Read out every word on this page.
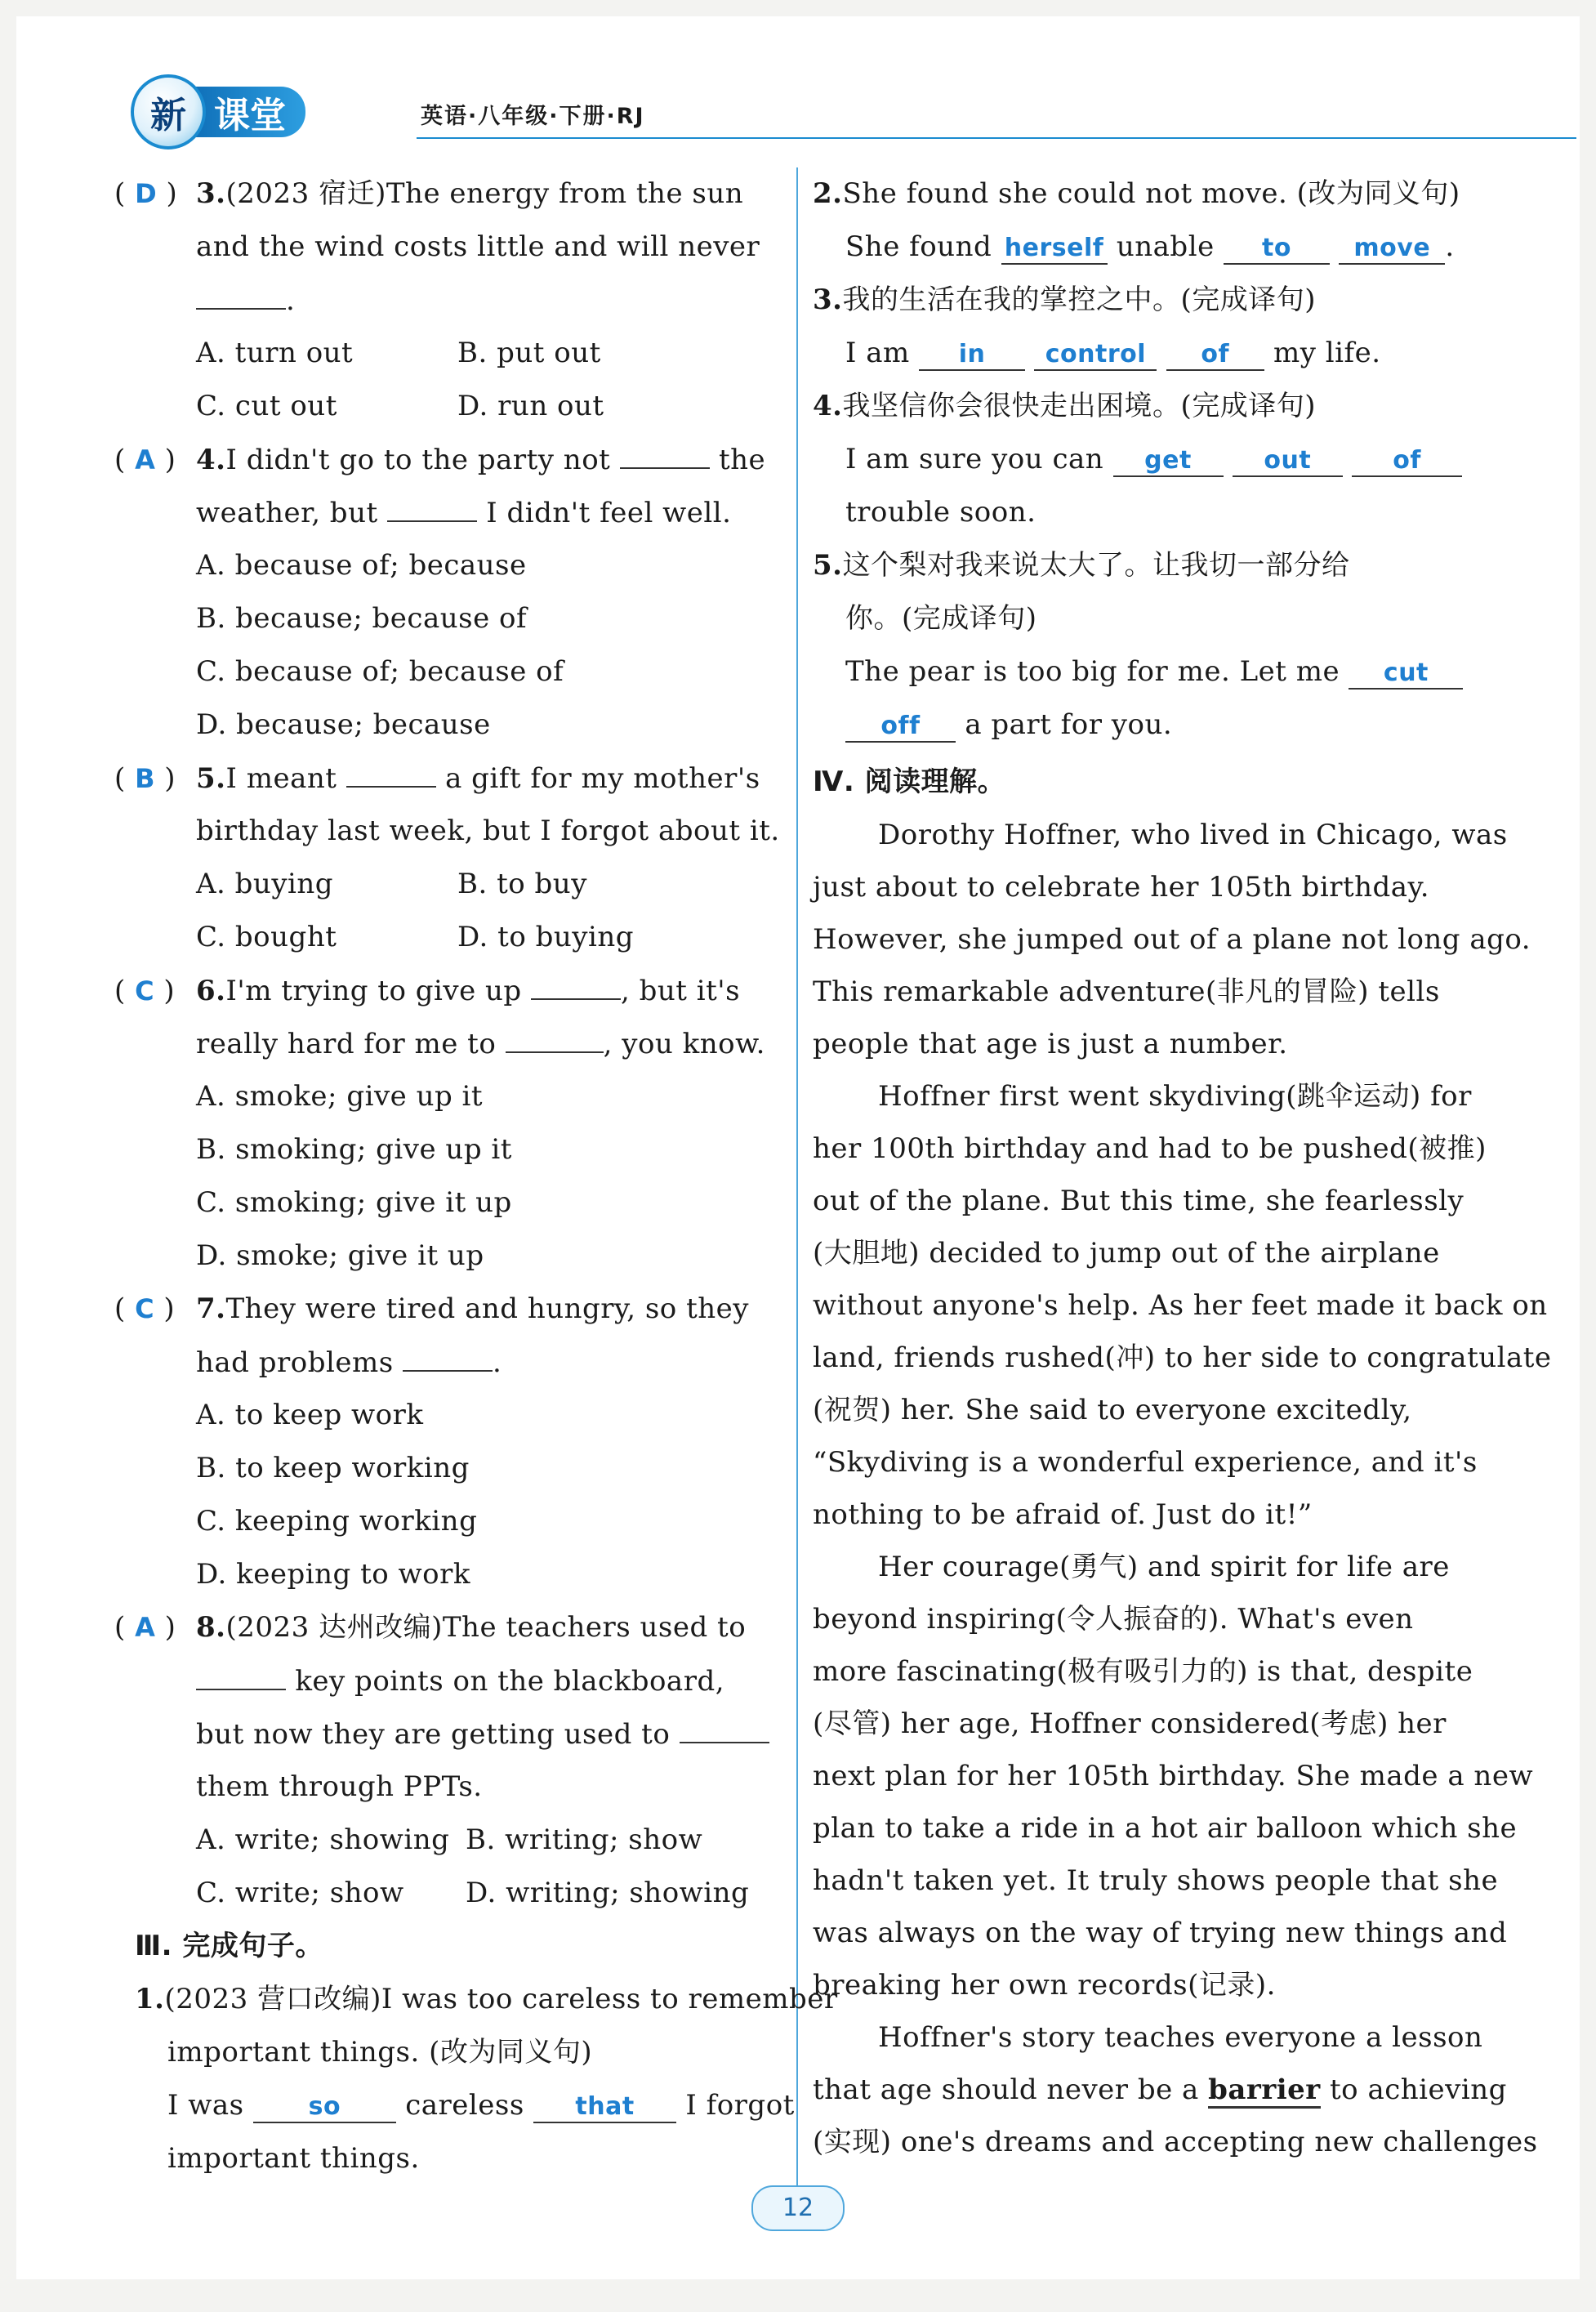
新 课堂	英语·八年级·下册·RJ
( D ) 3.(2023 宿迁)The energy from the sun
and the wind costs little and will never
.
A. turn out	B. put out
C. cut out	D. run out
( A ) 4.I didn't go to the party not	the
weather, but	I didn't feel well.
A. because of; because
B. because; because of
C. because of; because of
D. because; because
( B ) 5.I meant	a gift for my mother's
birthday last week, but I forgot about it.
A. buying	B. to buy
C. bought	D. to buying
( C ) 6.I'm trying to give up	, but it's
really hard for me to	, you know.
A. smoke; give up it
B. smoking; give up it
C. smoking; give it up
D. smoke; give it up
( C ) 7.They were tired and hungry, so they
had problems	.
A. to keep work
B. to keep working
C. keeping working
D. keeping to work
( A ) 8.(2023 达州改编)The teachers used to
key points on the blackboard,
but now they are getting used to
them through PPTs.
A. write; showing B. writing; show
C. write; show D. writing; showing
Ⅲ. 完成句子。
1.(2023 营口改编)I was too careless to remember
important things. (改为同义句)
I was	so careless that I forgot
important things.
2.She found she could not move. (改为同义句)
She found herself unable to	move .
3.我的生活在我的掌控之中。(完成译句)
I am in control of my life.
4.我坚信你会很快走出困境。(完成译句)
I am sure you can get	out	of
trouble soon.
5.这个梨对我来说太大了。让我切一部分给
你。(完成译句)
The pear is too big for me. Let me cut
off a part for you.
Ⅳ. 阅读理解。
Dorothy Hoffner, who lived in Chicago, was
just about to celebrate her 105th birthday.
However, she jumped out of a plane not long ago.
This remarkable adventure(非凡的冒险) tells
people that age is just a number.
Hoffner first went skydiving(跳伞运动) for
her 100th birthday and had to be pushed(被推)
out of the plane. But this time, she fearlessly
(大胆地) decided to jump out of the airplane
without anyone's help. As her feet made it back on
land, friends rushed(冲) to her side to congratulate
(祝贺) her. She said to everyone excitedly,
“Skydiving is a wonderful experience, and it's
nothing to be afraid of. Just do it!”
Her courage(勇气) and spirit for life are
beyond inspiring(令人振奋的). What's even
more fascinating(极有吸引力的) is that, despite
(尽管) her age, Hoffner considered(考虑) her
next plan for her 105th birthday. She made a new
plan to take a ride in a hot air balloon which she
hadn't taken yet. It truly shows people that she
was always on the way of trying new things and
breaking her own records(记录).
Hoffner's story teaches everyone a lesson
that age should never be a barrier to achieving
(实现) one's dreams and accepting new challenges
12
